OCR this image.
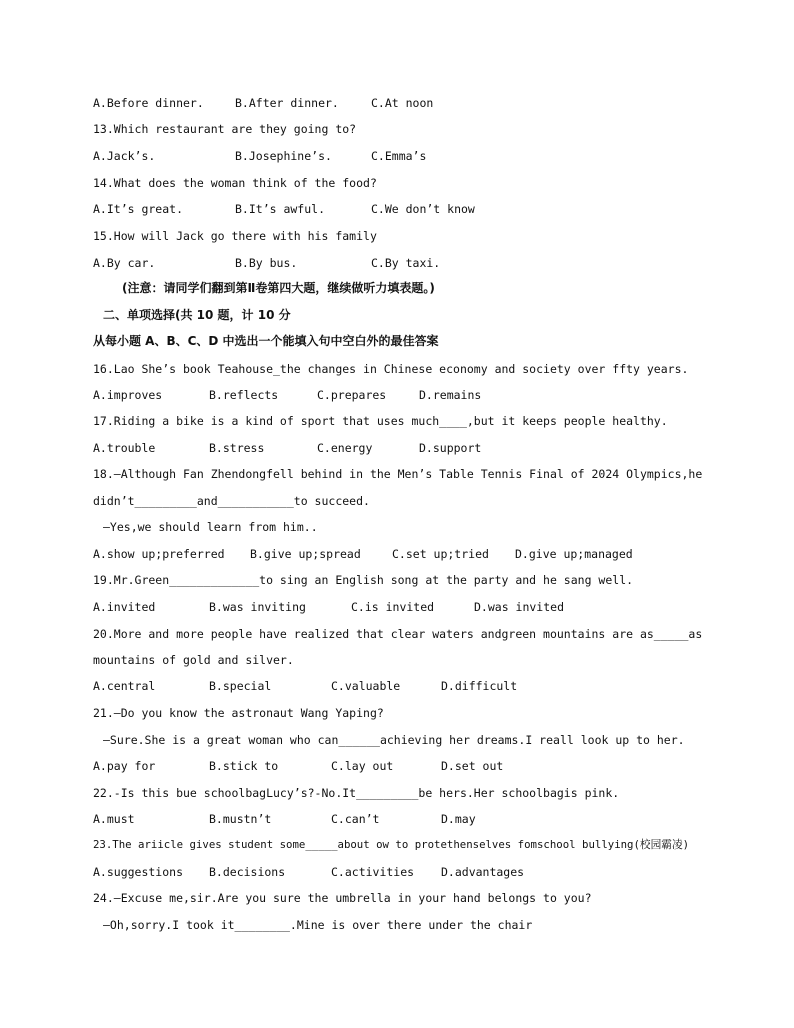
A.Before dinner.	B.After dinner.	C.At noon
13.Which restaurant are they going to?
A.Jack’s.	B.Josephine’s.	C.Emma’s
14.What does the woman think of the food?
A.It’s great.	B.It’s awful.	C.We don’t know
15.How will Jack go there with his family
A.By car.	B.By bus.	C.By taxi.
(注意：请同学们翻到第Ⅱ卷第四大题，继续做听力填表题。)
二、单项选择(共 10 题，计 10 分
从每小题 A、B、C、D 中选出一个能填入句中空白外的最佳答案
16.Lao She’s book Teahouse_the changes in Chinese economy and society over ffty years.
A.improves	B.reflects	C.prepares	D.remains
17.Riding a bike is a kind of sport that uses much____,but it keeps people healthy.
A.trouble	B.stress	C.energy	D.support
18.—Although Fan Zhendongfell behind in the Men’s Table Tennis Final of 2024 Olympics,he
didn’t_________and___________to succeed.
—Yes,we should learn from him..
A.show up;preferred B.give up;spread	C.set up;tried D.give up;managed
19.Mr.Green_____________to sing an English song at the party and he sang well.
A.invited	B.was inviting	C.is invited	D.was invited
20.More and more people have realized that clear waters andgreen mountains are as_____as
mountains of gold and silver.
A.central	B.special	C.valuable	D.difficult
21.—Do you know the astronaut Wang Yaping?
—Sure.She is a great woman who can______achieving her dreams.I reall look up to her.
A.pay for	B.stick to	C.lay out	D.set out
22.-Is this bue schoolbagLucy’s?-No.It_________be hers.Her schoolbagis pink.
A.must	B.mustn’t	C.can’t	D.may
23.The ariicle gives student some_____about ow to protethenselves fomschool bullying(校园霸凌)
A.suggestions B.decisions	C.activities D.advantages
24.—Excuse me,sir.Are you sure the umbrella in your hand belongs to you?
—Oh,sorry.I took it________.Mine is over there under the chair
